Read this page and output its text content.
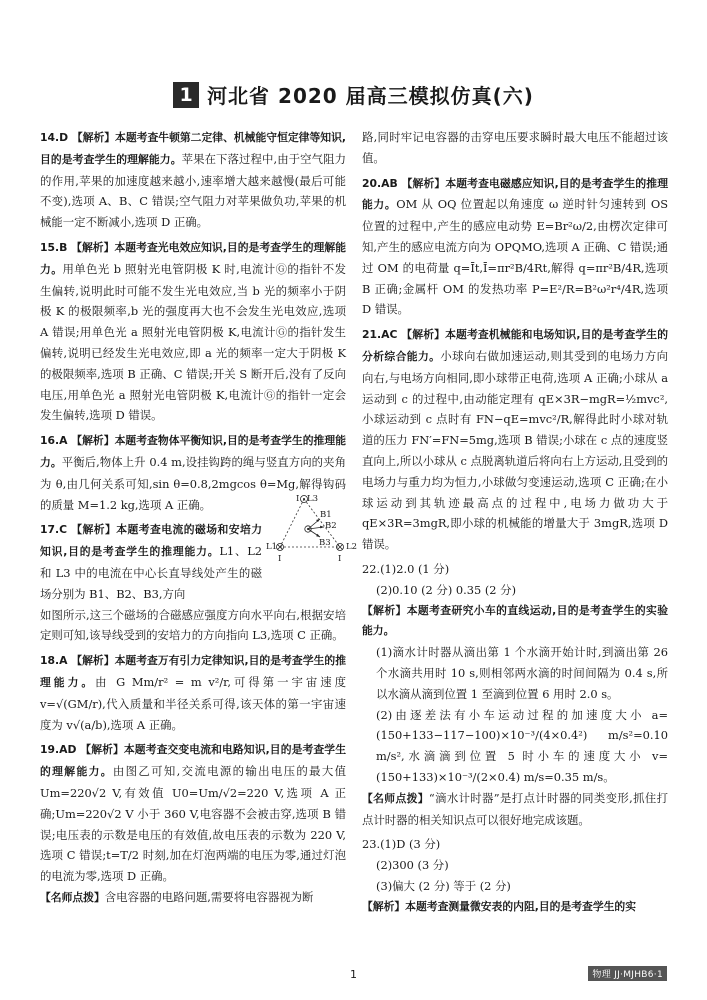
1 河北省 2020 届高三模拟仿真(六)

14.D 【解析】本题考查牛顿第二定律、机械能守恒定律等知识,目的是考查学生的理解能力。苹果在下落过程中,由于空气阻力的作用,苹果的加速度越来越小,速率增大越来越慢(最后可能不变),选项 A、B、C 错误;空气阻力对苹果做负功,苹果的机械能一定不断减小,选项 D 正确。

15.B 【解析】本题考查光电效应知识,目的是考查学生的理解能力。用单色光 b 照射光电管阴极 K 时,电流计Ⓖ的指针不发生偏转,说明此时可能不发生光电效应,当 b 光的频率小于阴极 K 的极限频率,b 光的强度再大也不会发生光电效应,选项 A 错误;用单色光 a 照射光电管阴极 K,电流计Ⓖ的指针发生偏转,说明已经发生光电效应,即 a 光的频率一定大于阴极 K 的极限频率,选项 B 正确、C 错误;开关 S 断开后,没有了反向电压,用单色光 a 照射光电管阴极 K,电流计Ⓖ的指针一定会发生偏转,选项 D 错误。

16.A 【解析】本题考查物体平衡知识,目的是考查学生的推理能力。平衡后,物体上升 0.4 m,设挂钩跨的绳与竖直方向的夹角为 θ,由几何关系可知,sin θ=0.8,2mgcos θ=Mg,解得钩码的质量 M=1.2 kg,选项 A 正确。

17.C 【解析】本题考查电流的磁场和安培力知识,目的是考查学生的推理能力。L1、L2 和 L3 中的电流在中心长直导线处产生的磁场分别为 B1、B2、B3,方向

如图所示,这三个磁场的合磁感应强度方向水平向右,根据安培定则可知,该导线受到的安培力的方向指向 L3,选项 C 正确。

18.A 【解析】本题考查万有引力定律知识,目的是考查学生的推理能力。由 G Mm/r² = m v²/r,可得第一宇宙速度 v=√(GM/r),代入质量和半径关系可得,该天体的第一宇宙速度为 v√(a/b),选项 A 正确。

19.AD 【解析】本题考查交变电流和电路知识,目的是考查学生的理解能力。由图乙可知,交流电源的输出电压的最大值 Um=220√2 V,有效值 U0=Um/√2=220 V,选项 A 正确;Um=220√2 V 小于 360 V,电容器不会被击穿,选项 B 错误;电压表的示数是电压的有效值,故电压表的示数为 220 V,选项 C 错误;t=T/2 时刻,加在灯泡两端的电压为零,通过灯泡的电流为零,选项 D 正确。

【名师点拨】含电容器的电路问题,需要将电容器视为断

L3
I
B1
B2
B3
L1	L2
I	I

路,同时牢记电容器的击穿电压要求瞬时最大电压不能超过该值。

20.AB 【解析】本题考查电磁感应知识,目的是考查学生的推理能力。OM 从 OQ 位置起以角速度 ω 逆时针匀速转到 OS 位置的过程中,产生的感应电动势 E=Br²ω/2,由楞次定律可知,产生的感应电流方向为 OPQMO,选项 A 正确、C 错误;通过 OM 的电荷量 q=Īt,Ī=πr²B/4Rt,解得 q=πr²B/4R,选项 B 正确;金属杆 OM 的发热功率 P=E²/R=B²ω²r⁴/4R,选项 D 错误。

21.AC 【解析】本题考查机械能和电场知识,目的是考查学生的分析综合能力。小球向右做加速运动,则其受到的电场力方向向右,与电场方向相同,即小球带正电荷,选项 A 正确;小球从 a 运动到 c 的过程中,由动能定理有 qE×3R−mgR=½mvc²,小球运动到 c 点时有 FN−qE=mvc²/R,解得此时小球对轨道的压力 FN′=FN=5mg,选项 B 错误;小球在 c 点的速度竖直向上,所以小球从 c 点脱离轨道后将向右上方运动,且受到的电场力与重力均为恒力,小球做匀变速运动,选项 C 正确;在小球运动到其轨迹最高点的过程中,电场力做功大于 qE×3R=3mgR,即小球的机械能的增量大于 3mgR,选项 D 错误。

22.(1)2.0 (1 分)

(2)0.10 (2 分) 0.35 (2 分)

【解析】本题考查研究小车的直线运动,目的是考查学生的实验能力。

(1)滴水计时器从滴出第 1 个水滴开始计时,到滴出第 26 个水滴共用时 10 s,则相邻两水滴的时间间隔为 0.4 s,所以水滴从滴到位置 1 至滴到位置 6 用时 2.0 s。

(2)由逐差法有小车运动过程的加速度大小 a=(150+133−117−100)×10⁻³/(4×0.4²) m/s²=0.10 m/s²,水滴滴到位置 5 时小车的速度大小 v=(150+133)×10⁻³/(2×0.4) m/s=0.35 m/s。

【名师点拨】“滴水计时器”是打点计时器的同类变形,抓住打点计时器的相关知识点可以很好地完成该题。

23.(1)D (3 分)

(2)300 (3 分)

(3)偏大 (2 分) 等于 (2 分)

【解析】本题考查测量微安表的内阻,目的是考查学生的实

1	物理 JJ·MJHB6·1
